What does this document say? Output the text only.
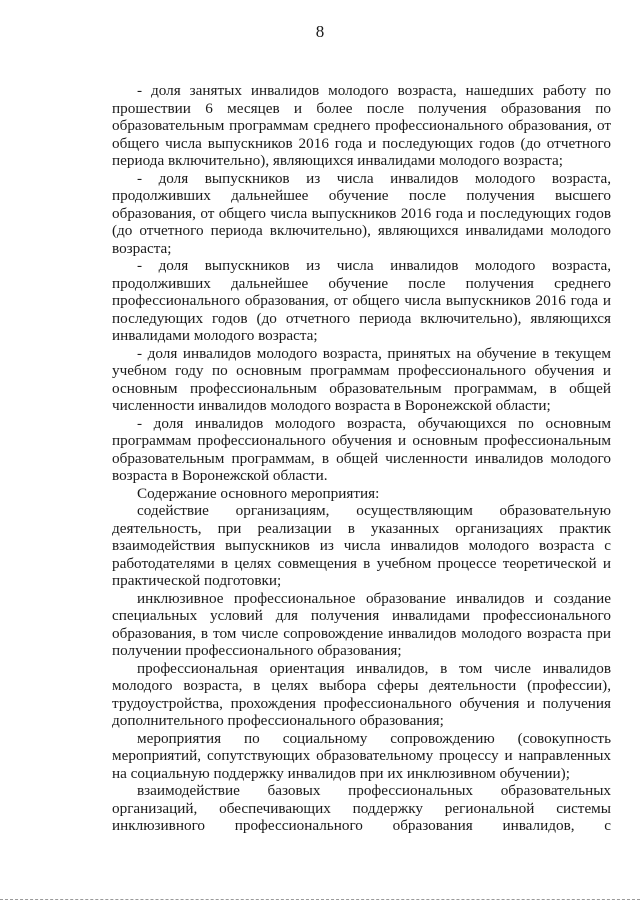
8

- доля занятых инвалидов молодого возраста, нашедших работу по прошествии 6 месяцев и более после получения образования по образовательным программам среднего профессионального образования, от общего числа выпускников 2016 года и последующих годов (до отчетного периода включительно), являющихся инвалидами молодого возраста;

- доля выпускников из числа инвалидов молодого возраста, продолживших дальнейшее обучение после получения высшего образования, от общего числа выпускников 2016 года и последующих годов (до отчетного периода включительно), являющихся инвалидами молодого возраста;

- доля выпускников из числа инвалидов молодого возраста, продолживших дальнейшее обучение после получения среднего профессионального образования, от общего числа выпускников 2016 года и последующих годов (до отчетного периода включительно), являющихся инвалидами молодого возраста;

- доля инвалидов молодого возраста, принятых на обучение в текущем учебном году по основным программам профессионального обучения и основным профессиональным образовательным программам, в общей численности инвалидов молодого возраста в Воронежской области;

- доля инвалидов молодого возраста, обучающихся по основным программам профессионального обучения и основным профессиональным образовательным программам, в общей численности инвалидов молодого возраста в Воронежской области.

Содержание основного мероприятия:

содействие организациям, осуществляющим образовательную деятельность, при реализации в указанных организациях практик взаимодействия выпускников из числа инвалидов молодого возраста с работодателями в целях совмещения в учебном процессе теоретической и практической подготовки;

инклюзивное профессиональное образование инвалидов и создание специальных условий для получения инвалидами профессионального образования, в том числе сопровождение инвалидов молодого возраста при получении профессионального образования;

профессиональная ориентация инвалидов, в том числе инвалидов молодого возраста, в целях выбора сферы деятельности (профессии), трудоустройства, прохождения профессионального обучения и получения дополнительного профессионального образования;

мероприятия по социальному сопровождению (совокупность мероприятий, сопутствующих образовательному процессу и направленных на социальную поддержку инвалидов при их инклюзивном обучении);

взаимодействие базовых профессиональных образовательных организаций, обеспечивающих поддержку региональной системы инклюзивного профессионального образования инвалидов, с
